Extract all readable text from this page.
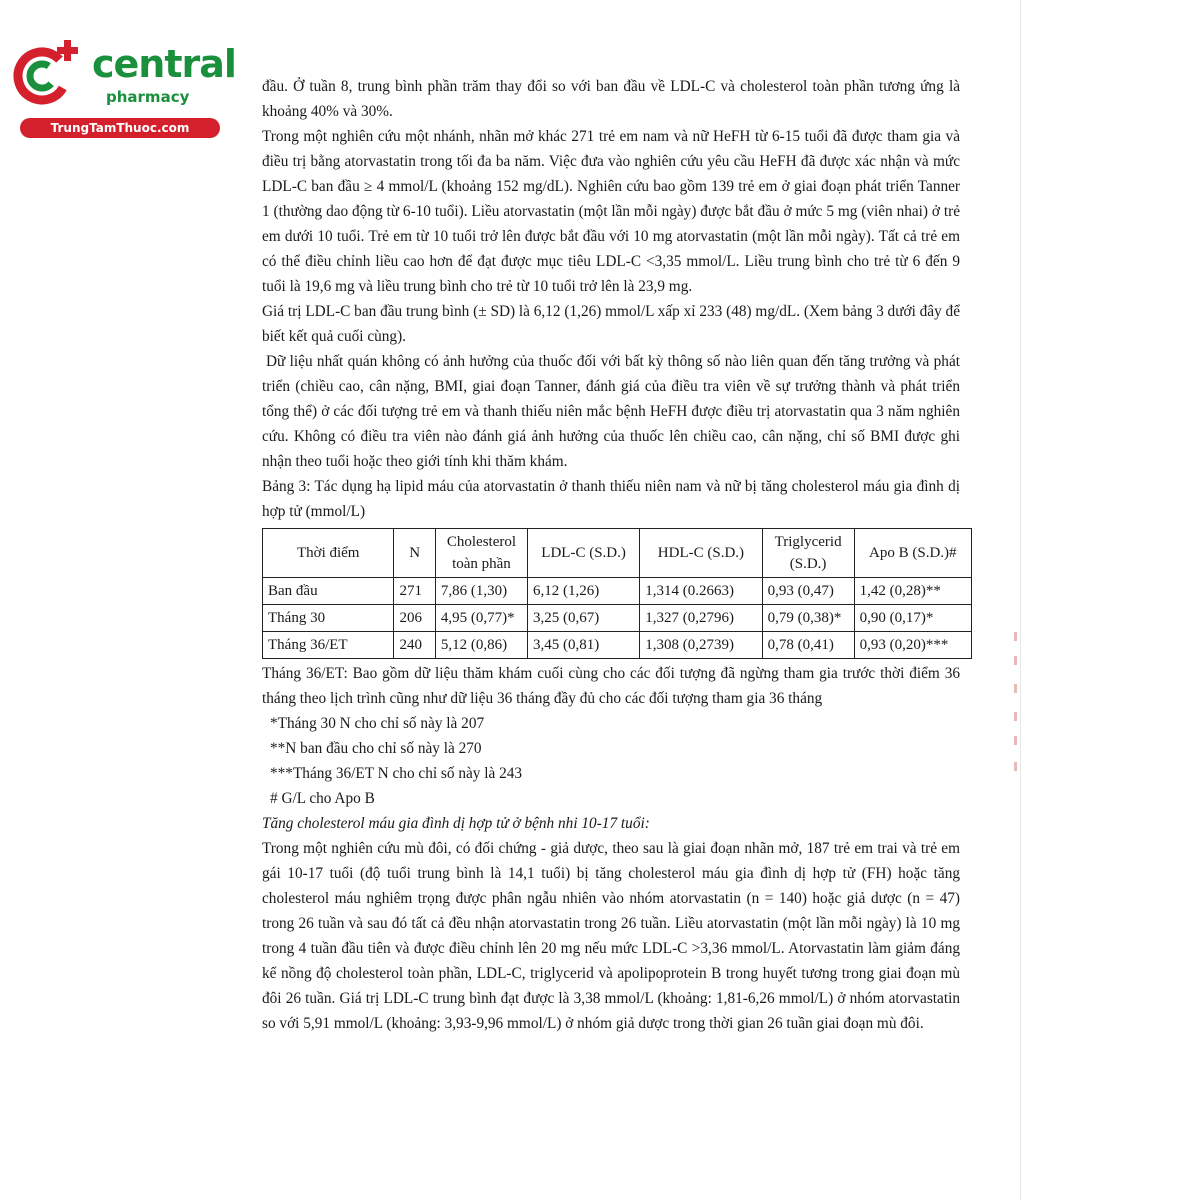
central
pharmacy
TrungTamThuoc.com

đầu. Ở tuần 8, trung bình phần trăm thay đổi so với ban đầu về LDL-C và cholesterol toàn phần tương ứng là khoảng 40% và 30%.

Trong một nghiên cứu một nhánh, nhãn mở khác 271 trẻ em nam và nữ HeFH từ 6-15 tuổi đã được tham gia và điều trị bằng atorvastatin trong tối đa ba năm. Việc đưa vào nghiên cứu yêu cầu HeFH đã được xác nhận và mức LDL-C ban đầu ≥ 4 mmol/L (khoảng 152 mg/dL). Nghiên cứu bao gồm 139 trẻ em ở giai đoạn phát triển Tanner 1 (thường dao động từ 6-10 tuổi). Liều atorvastatin (một lần mỗi ngày) được bắt đầu ở mức 5 mg (viên nhai) ở trẻ em dưới 10 tuổi. Trẻ em từ 10 tuổi trở lên được bắt đầu với 10 mg atorvastatin (một lần mỗi ngày). Tất cả trẻ em có thể điều chỉnh liều cao hơn để đạt được mục tiêu LDL-C <3,35 mmol/L. Liều trung bình cho trẻ từ 6 đến 9 tuổi là 19,6 mg và liều trung bình cho trẻ từ 10 tuổi trở lên là 23,9 mg.

Giá trị LDL-C ban đầu trung bình (± SD) là 6,12 (1,26) mmol/L xấp xỉ 233 (48) mg/dL. (Xem bảng 3 dưới đây để biết kết quả cuối cùng).

Dữ liệu nhất quán không có ảnh hưởng của thuốc đối với bất kỳ thông số nào liên quan đến tăng trưởng và phát triển (chiều cao, cân nặng, BMI, giai đoạn Tanner, đánh giá của điều tra viên về sự trưởng thành và phát triển tổng thể) ở các đối tượng trẻ em và thanh thiếu niên mắc bệnh HeFH được điều trị atorvastatin qua 3 năm nghiên cứu. Không có điều tra viên nào đánh giá ảnh hưởng của thuốc lên chiều cao, cân nặng, chỉ số BMI được ghi nhận theo tuổi hoặc theo giới tính khi thăm khám.

Bảng 3: Tác dụng hạ lipid máu của atorvastatin ở thanh thiếu niên nam và nữ bị tăng cholesterol máu gia đình dị hợp tử (mmol/L)

Thời điểm	N	Cholesterol toàn phần	LDL-C (S.D.)	HDL-C (S.D.)	Triglycerid (S.D.)	Apo B (S.D.)#
Ban đầu	271	7,86 (1,30)	6,12 (1,26)	1,314 (0.2663)	0,93 (0,47)	1,42 (0,28)**
Tháng 30	206	4,95 (0,77)*	3,25 (0,67)	1,327 (0,2796)	0,79 (0,38)*	0,90 (0,17)*
Tháng 36/ET	240	5,12 (0,86)	3,45 (0,81)	1,308 (0,2739)	0,78 (0,41)	0,93 (0,20)***

Tháng 36/ET: Bao gồm dữ liệu thăm khám cuối cùng cho các đối tượng đã ngừng tham gia trước thời điểm 36 tháng theo lịch trình cũng như dữ liệu 36 tháng đầy đủ cho các đối tượng tham gia 36 tháng

*Tháng 30 N cho chỉ số này là 207

**N ban đầu cho chỉ số này là 270

***Tháng 36/ET N cho chỉ số này là 243

# G/L cho Apo B

Tăng cholesterol máu gia đình dị hợp tử ở bệnh nhi 10-17 tuổi:

Trong một nghiên cứu mù đôi, có đối chứng - giả dược, theo sau là giai đoạn nhãn mở, 187 trẻ em trai và trẻ em gái 10-17 tuổi (độ tuổi trung bình là 14,1 tuổi) bị tăng cholesterol máu gia đình dị hợp tử (FH) hoặc tăng cholesterol máu nghiêm trọng được phân ngẫu nhiên vào nhóm atorvastatin (n = 140) hoặc giả dược (n = 47) trong 26 tuần và sau đó tất cả đều nhận atorvastatin trong 26 tuần. Liều atorvastatin (một lần mỗi ngày) là 10 mg trong 4 tuần đầu tiên và được điều chỉnh lên 20 mg nếu mức LDL-C >3,36 mmol/L. Atorvastatin làm giảm đáng kể nồng độ cholesterol toàn phần, LDL-C, triglycerid và apolipoprotein B trong huyết tương trong giai đoạn mù đôi 26 tuần. Giá trị LDL-C trung bình đạt được là 3,38 mmol/L (khoảng: 1,81-6,26 mmol/L) ở nhóm atorvastatin so với 5,91 mmol/L (khoảng: 3,93-9,96 mmol/L) ở nhóm giả dược trong thời gian 26 tuần giai đoạn mù đôi.
